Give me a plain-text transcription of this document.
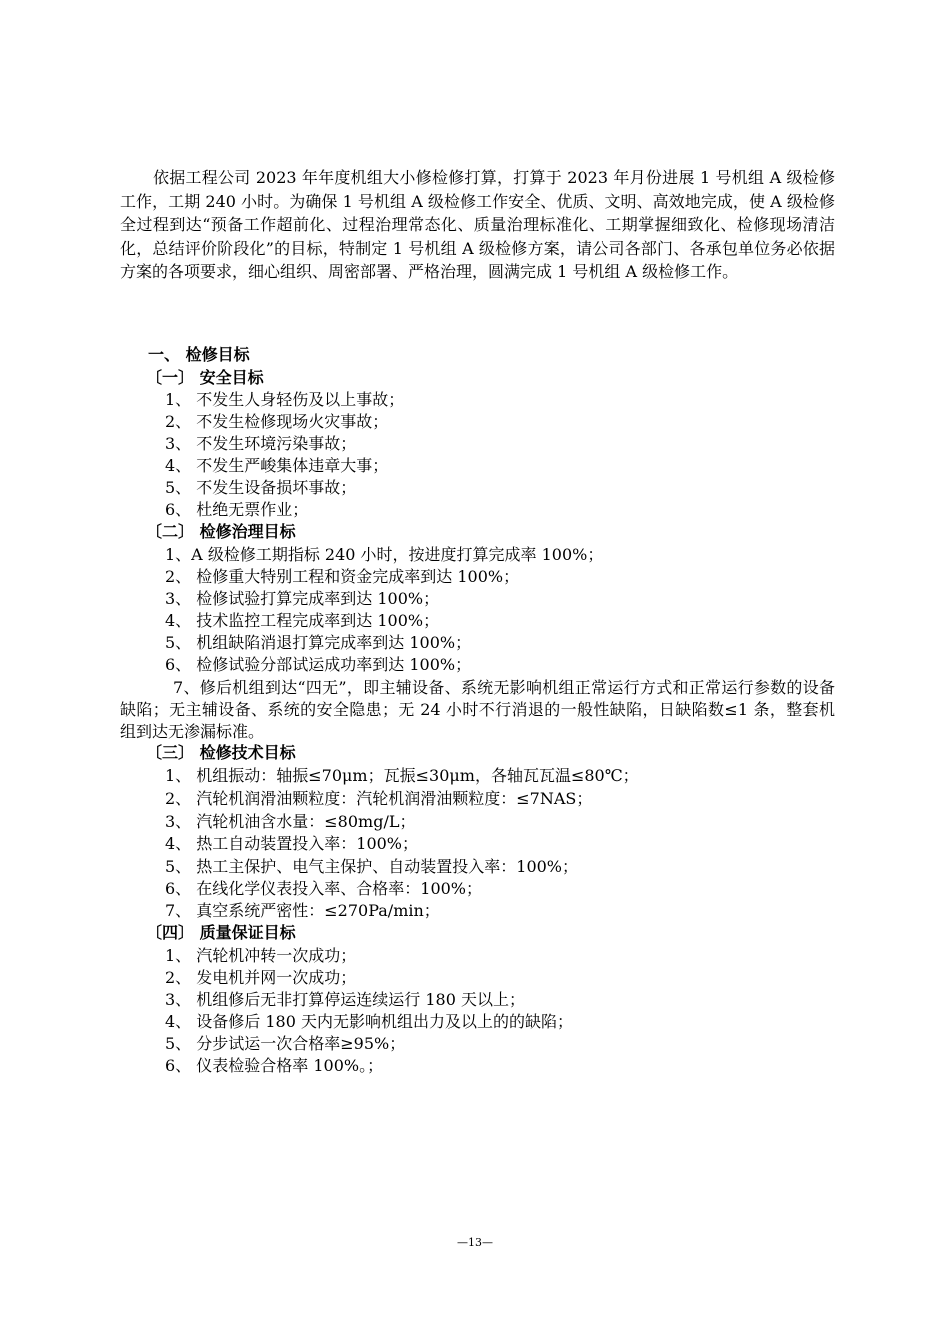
依据工程公司 2023 年年度机组大小修检修打算，打算于 2023 年月份进展 1 号机组 A 级检修工作，工期 240 小时。为确保 1 号机组 A 级检修工作安全、优质、文明、高效地完成，使 A 级检修全过程到达“预备工作超前化、过程治理常态化、质量治理标准化、工期掌握细致化、检修现场清洁化，总结评价阶段化”的目标，特制定 1 号机组 A 级检修方案，请公司各部门、各承包单位务必依据方案的各项要求，细心组织、周密部署、严格治理，圆满完成 1 号机组 A 级检修工作。

一、 检修目标
〔一〕 安全目标
1、 不发生人身轻伤及以上事故；
2、 不发生检修现场火灾事故；
3、 不发生环境污染事故；
4、 不发生严峻集体违章大事；
5、 不发生设备损坏事故；
6、 杜绝无票作业；
〔二〕 检修治理目标
1、A 级检修工期指标 240 小时，按进度打算完成率 100%；
2、 检修重大特别工程和资金完成率到达 100%；
3、 检修试验打算完成率到达 100%；
4、 技术监控工程完成率到达 100%；
5、 机组缺陷消退打算完成率到达 100%；
6、 检修试验分部试运成功率到达 100%；

7、修后机组到达“四无”，即主辅设备、系统无影响机组正常运行方式和正常运行参数的设备缺陷；无主辅设备、系统的安全隐患；无 24 小时不行消退的一般性缺陷，日缺陷数≤1 条，整套机组到达无渗漏标准。

〔三〕 检修技术目标
1、 机组振动：轴振≤70μm；瓦振≤30μm，各轴瓦瓦温≤80℃；
2、 汽轮机润滑油颗粒度：汽轮机润滑油颗粒度：≤7NAS；
3、 汽轮机油含水量：≤80mg/L；
4、 热工自动装置投入率：100%；
5、 热工主保护、电气主保护、自动装置投入率：100%；
6、 在线化学仪表投入率、合格率：100%；
7、 真空系统严密性：≤270Pa/min；
〔四〕 质量保证目标
1、 汽轮机冲转一次成功；
2、 发电机并网一次成功；
3、 机组修后无非打算停运连续运行 180 天以上；
4、 设备修后 180 天内无影响机组出力及以上的的缺陷；
5、 分步试运一次合格率≥95%；
6、 仪表检验合格率 100%。；
—13—
